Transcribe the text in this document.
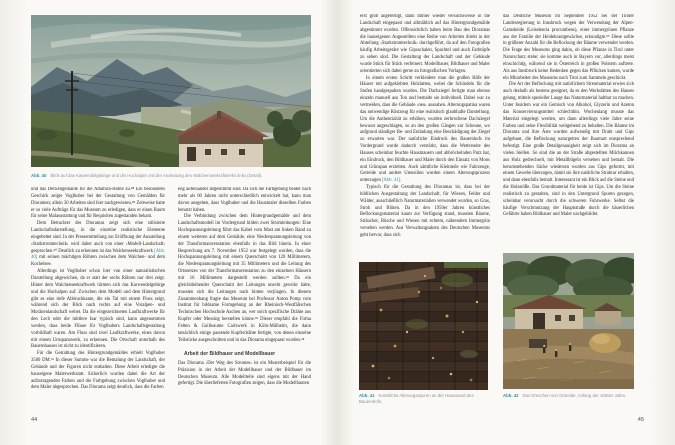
Abb. 40 Blick auf das Karwendelgebirge und die Hochalpen mit der Andeutung des Walchenseekraftwerks links (Detail).

und das Deckengemälde für die Altamira-Höhle zu.⁸⁸ Ein besonderes Geschick zeigte Voglhuber bei der Gestaltung von Gemälden für Dioramen; allein 30 Arbeiten sind hier nachgewiesen.⁸⁹ Zeitweise hatte er so viele Aufträge für das Museum zu erledigen, dass er einen Raum für seine Malausstattung und für Requisiten zugestanden bekam.

Dem Betrachter des Dioramas zeigt sich eine stilisierte Landschaftsdarstellung, in die einzelne realistische Elemente eingebettet sind. In der Pressemitteilung zur Eröffnung der Ausstellung ›Starkstromtechnik‹ wird daher auch von einer ›Modell-Landschaft‹ gesprochen.⁹⁰ Deutlich zu erkennen ist das Walchenseekraftwerk [Abb. 40] mit seinen mächtigen Röhren zwischen dem Walchen- und dem Kochelsee.

Allerdings ist Voglhuber schon hier von einer naturalistischen Darstellung abgewichen, da er statt der sechs Röhren nur drei zeigt. Hinter dem Walchenseekraftwerk türmen sich das Karwendelgebirge und die Hochalpen auf. Zwischen dem Modell und dem Hintergrund gibt es eine tiefe Abbruchkante, die ein Tal mit einem Fluss zeigt, während sich der Blick nach rechts auf eine Voralpen- und Moränenlandschaft weitet. Da die eingezeichneten Laufkraftwerke für den Lech oder die mittlere Isar typisch sind, kann angenommen werden, dass beide Flüsse für Voglhubers Landschaftsgestaltung vorbildhaft waren. Am Fluss sind zwei Laufkraftwerke, eines davon mit einem Umspannwerk, zu erkennen. Die Ortschaft unterhalb des Bauernhauses ist nicht zu identifizieren.

Für die Gestaltung des Hintergrundgemäldes erhielt Voglhuber 3500 DM.⁹¹ In dieser Summe war die Bemalung der Landschaft, der Gebäude und der Figuren nicht enthalten. Diese Arbeit erledigte die hauseigene Malerwerkstatt. Sicherlich wurden dabei die Art der aufzutragenden Farben und die Farbgebung zwischen Voglhuber und dem Maler abgesprochen. Das Diorama zeigt deutlich, dass die Farben

eng aufeinander abgestimmt sind. Da sich die Farbgebung beider nach mehr als 60 Jahren nicht unterschiedlich entwickelt hat, kann man davon ausgehen, dass Voglhuber und die Hausmaler dieselben Farben benutzt haben.

Die Verbindung zwischen dem Hintergrundgemälde und dem Landschaftsmodell im Vordergrund bilden zwei Stromleitungen: Eine Hochspannungsleitung führt das Kabel vom Mast am linken Rand zu einem weiteren auf dem Gemälde, eine Niederspannungsleitung von der Transformatorenstation ebenfalls in das Bild hinein. In einer Besprechung am 7. November 1952 war festgelegt worden, dass die Hochspannungsleitung mit einem Querschnitt von 120 Millimetern, die Niederspannungsleitung mit 35 Millimetern und die Leitung des Ortsnetzes von der Transformatorenstation zu den einzelnen Häusern mit 16 Millimetern dargestellt werden sollten.⁹² Da ein gleichbleibender Querschnitt der Leitungen unecht gewirkt hätte, mussten sich die Leitungen nach hinten verjüngen. In diesem Zusammenhang fragte das Museum bei Professor Anton Pomp vom Institut für bildsame Formgebung an der Rheinisch-Westfälischen Technischen Hochschule Aachen an, wer solch spezifische Drähte aus Kupfer oder Messing herstellen könne.⁹³ Dieser empfahl die Firma Felten & Guilleaume Carlswerk in Köln-Mülheim, die dann tatsächlich einige passende Kupferdrähte fertigte, von denen einzelne Teilstücke ausgeschnitten und in das Diorama eingepasst wurden.⁹⁴

Arbeit der Bildhauer und Modellbauer

Das Diorama ›Der Weg des Stromes‹ ist ein Musterbeispiel für die Präzision in der Arbeit der Modellbauer und der Bildhauer im Deutschen Museum. Alle Modellteile sind eigens mit der Hand gefertigt. Die überlieferten Fotografien zeigen, dass die Modellbauten

44

erst grob angefertigt, dann immer wieder versuchsweise in die Landschaft eingepasst und allmählich auf das Hintergrundgemälde abgestimmt wurden. Offensichtlich haben beim Bau des Dioramas die hauseigenen Angestellten eine Reihe von Arbeiten direkt in der Abteilung ›Starkstromtechnik‹ durchgeführt, da auf den Fotografien häufig Arbeitsgeräte wie Gipsschalen, Spachtel und auch Farbtöpfe zu sehen sind. Die Gestaltung der Landschaft und der Gebäude wurde Stück für Stück verfeinert. Modellbauer, Bildhauer und Maler orientierten sich dabei gerne an fotografischen Vorlagen.

In einem ersten Schritt verkleidete man die großen Höfe der Häuser mit aufgeklebten Holzlatten, wobei die Schindeln für die Stufen handgespalten wurden. Die Dachziegel fertigte man ebenso einzeln manuell aus Ton und bemalte sie individuell. Dabei war zu vermeiden, dass die Gebäude ›neu‹ aussahen. Alterungspatina waren das notwendige Rüstzeug für eine realistisch glaubhafte Darstellung. Um die Authentizität zu erhöhen, wurden zerbrochene Dachziegel bewusst angeschlagen, so an den großen Gängen zur Scheune, wo aufgrund ständiger Be- und Entladung eine Beschädigung der Ziegel zu erwarten war. Der natürliche Eindruck des Bauernhofs im Vordergrund wurde dadurch verstärkt, dass die Wetterseite des Hauses scheinbar feuchte Hausmauern und abbröckelnden Putz hat, ein Eindruck, den Bildhauer und Maler durch den Einsatz von Moos und Grünspan erzielten. Auch sämtliche Kleinteile wie Fahrzeuge, Getreide und andere Utensilien wurden einem Alterungsprozess unterzogen [Abb. 41].

Typisch für die Gestaltung des Dioramas ist, dass bei der bildlichen Ausgestaltung der Landschaft, für Wiesen, Felder und Wälder, ausschließlich Naturmaterialien verwendet wurden, so Gras, Stroh und Blüten. Da in den 1950er Jahren künstliches Beflockungsmaterial kaum zur Verfügung stand, mussten Bäume, Sträucher, Büsche und Wiesen mit echtem, nährendem Immergrün versehen werden. Aus Verwaltungsakten des Deutschen Museums geht hervor, dass sich

Abb. 41 Künstliche Alterungsspuren an der Hauswand des Bauernhofs.

das Deutsche Museum im September 1952 bei der Tiroler Landesregierung in Innsbruck wegen der Verwendung der Alpen-Gamsheide (Loiseleuria procumbens), einer immergrünen Pflanze aus der Familie der Heidekrautgewächse, erkundigte.⁹⁵ Diese sollte in größerer Anzahl für die Beflockung der Bäume verwendet werden. Die Frage des Museums ging dahin, ob diese Pflanze in Tirol unter Naturschutz stehe; sie komme auch in Bayern vor, allerdings meist einschichtig, während sie in Österreich in großen Polstern auftrete. Als aus Innsbruck keine Bedenken gegen das Pflücken kamen, wurde ein Mitarbeiter des Museums nach Tirol zum Sammeln geschickt.

Die Art der Beflockung mit natürlichem Streumaterial erwies sich auch deshalb als bestens geeignet, da es den Werkstätten des Hauses gelang, mittels spezieller Lauge das Naturmaterial haltbar zu machen. Unter Insidern war ein Gemisch von Alkohol, Glyzerin und Azeton das Konservierungsmittel schlechthin. Wochenlang musste das Material eingelegt werden, um dann allerdings viele Jahre seine Farben und seine Flexibilität weitgehend zu behalten. Die Bäume im Diorama und ihre Äste wurden aufwendig mit Draht und Gips aufgebaut, die Beflockung naturgetreu der Baumart entsprechend befestigt. Eine große Detailgenauigkeit zeigt sich im Diorama an vielen Stellen. So sind die an der Straße abgestellten Milchkannen aus Holz gedrechselt, mit Metallbügeln versehen und bemalt. Die herumstehenden Säcke wiederum wurden aus Gips geformt, mit einem Gewebe überzogen, damit sie ihre natürliche Struktur erhalten, und dann ebenfalls bemalt. Interessant ist ein Blick auf die Steine und die Holzstöße. Das Grundmaterial für beide ist Gips. Um die Steine realistisch zu gestalten, sind in den Untergrund Spuren gezogen, scheinbar verursacht durch die schweren Fuhrwerke. Selbst die häufige Verschmutzung der Hauptstraße durch die bäuerlichen Gefährte haben Bildhauer und Maler nachgebildet.

Abb. 42 Das Dreschen von Getreide, Anfang der 1950er Jahre.
45
